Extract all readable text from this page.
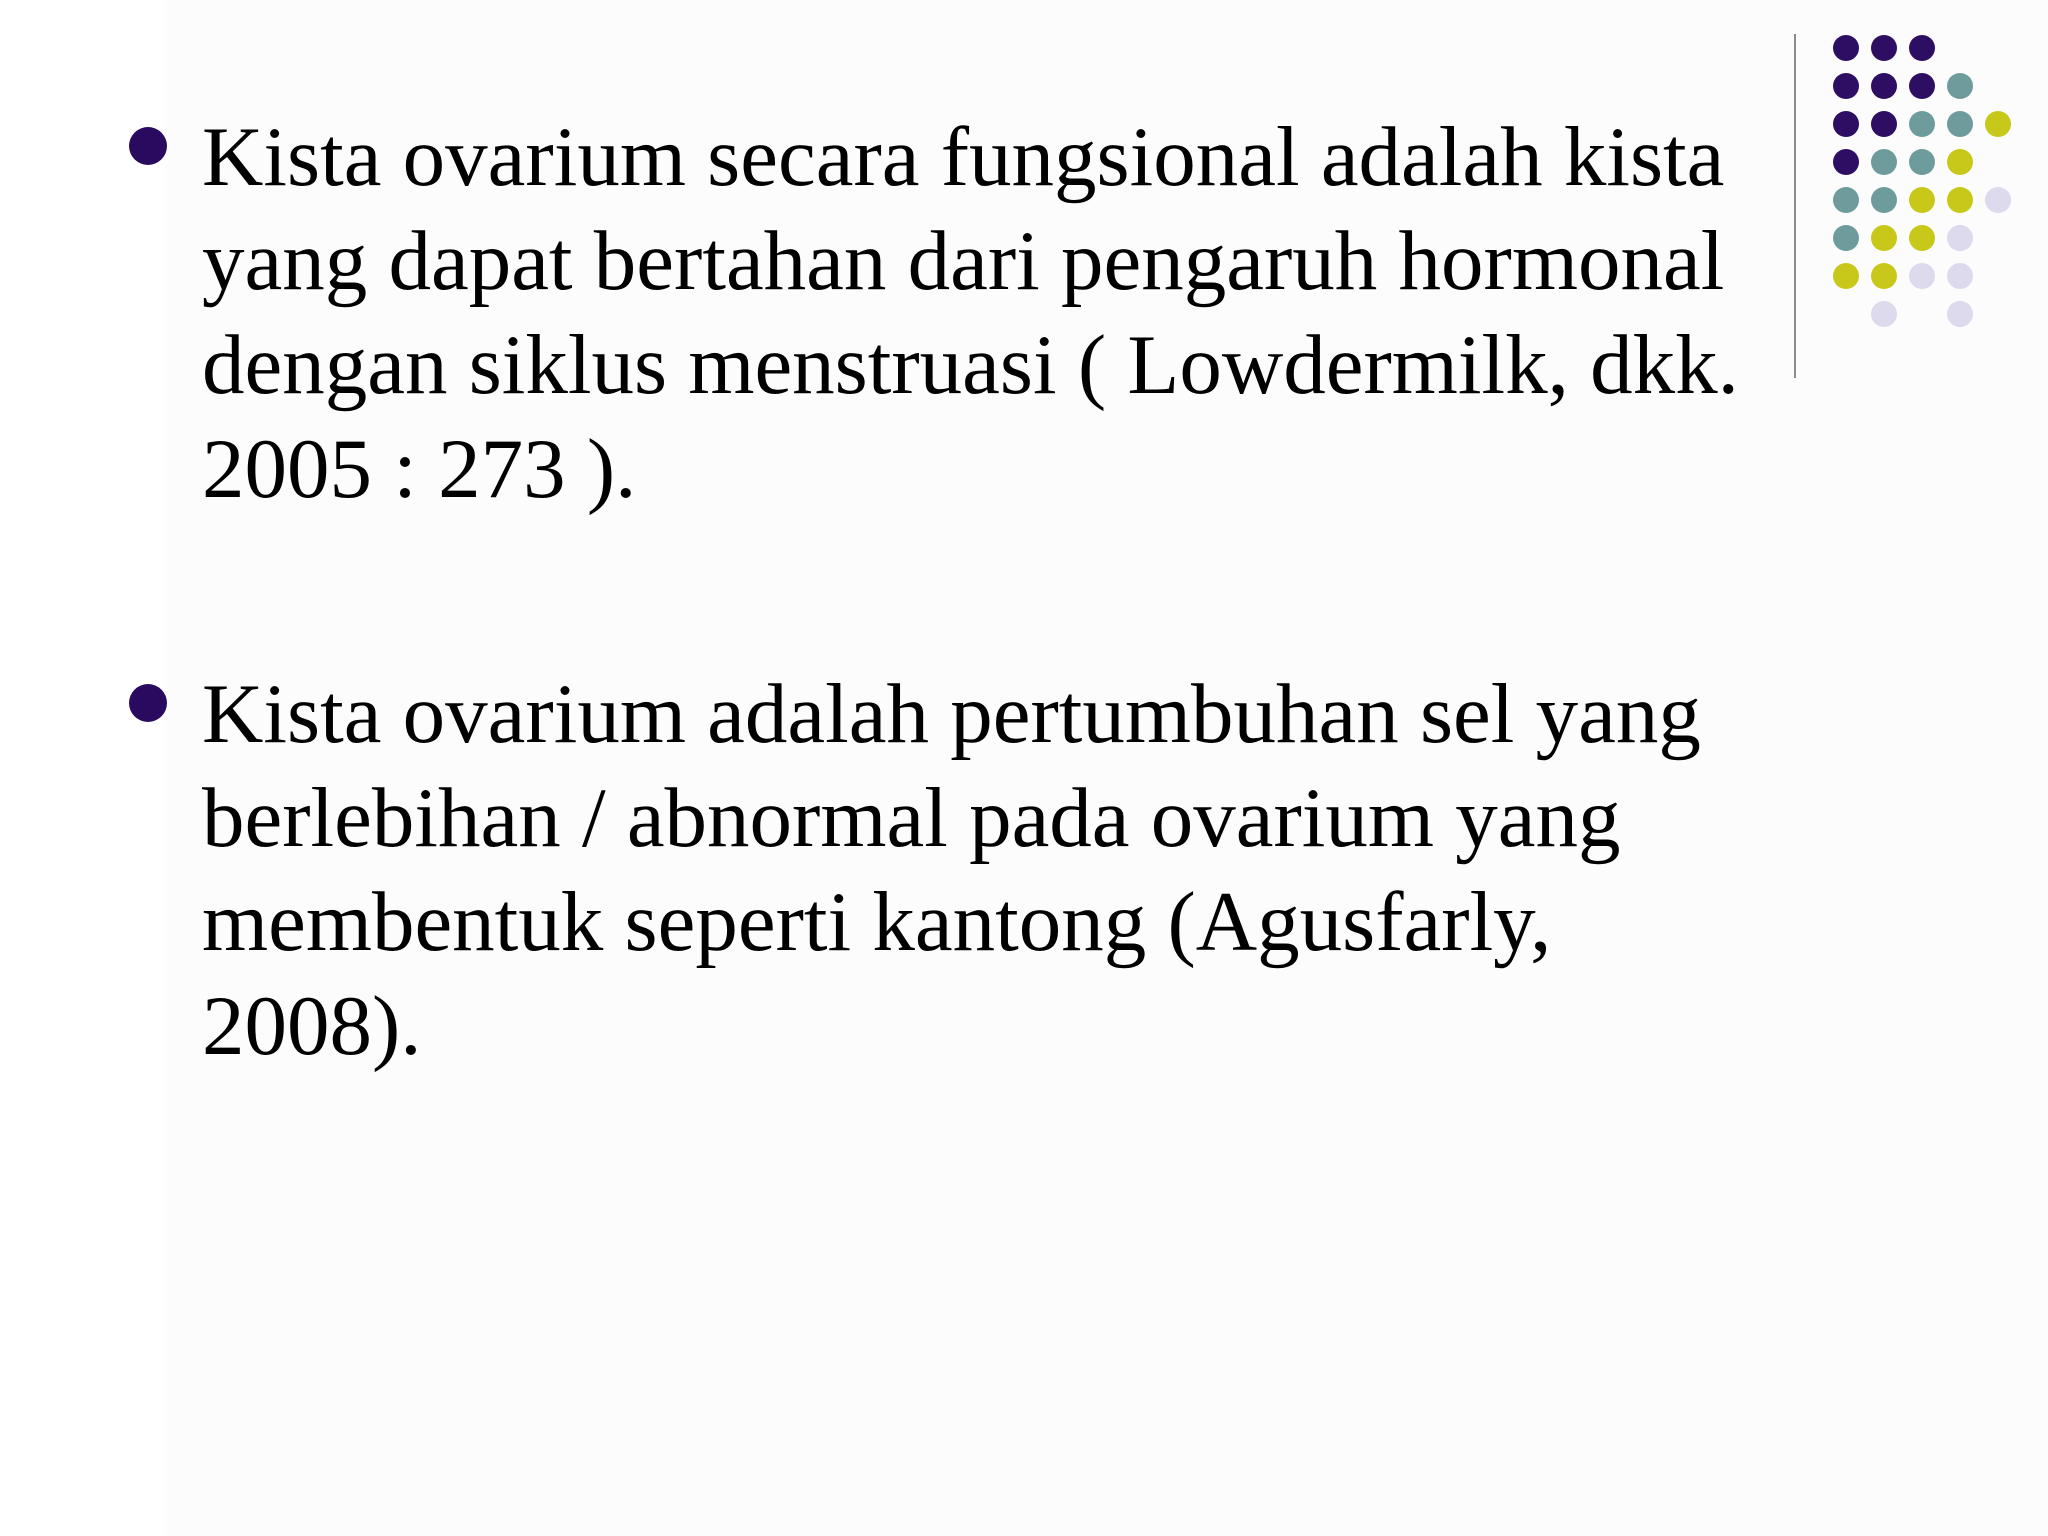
Kista ovarium secara fungsional adalah kista
yang dapat bertahan dari pengaruh hormonal
dengan siklus menstruasi ( Lowdermilk, dkk.
2005 : 273 ).
Kista ovarium adalah pertumbuhan sel yang
berlebihan / abnormal pada ovarium yang
membentuk seperti kantong (Agusfarly,
2008).
